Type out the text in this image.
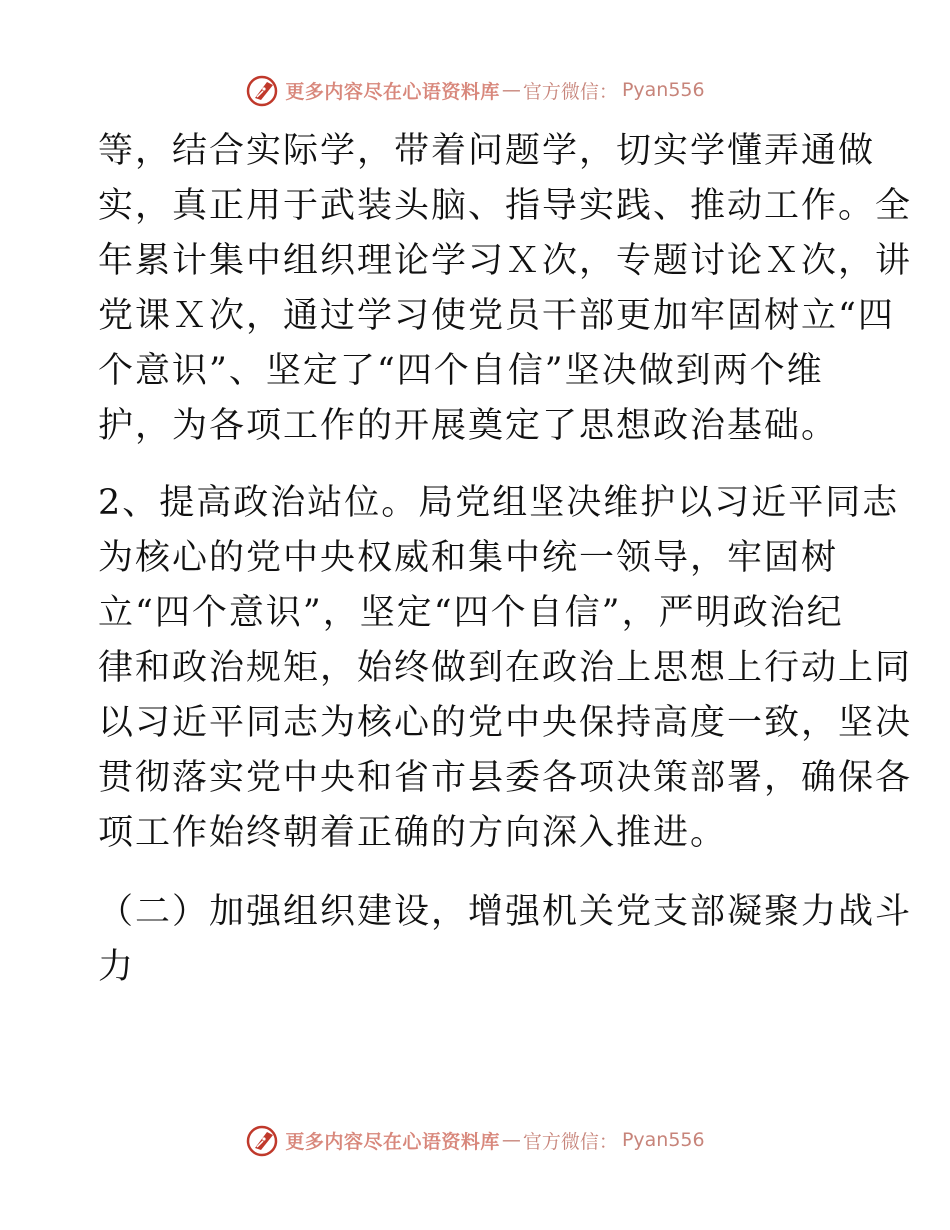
更多内容尽在心语资料库 — 官方微信： Pyan556
等，结合实际学，带着问题学，切实学懂弄通做
实，真正用于武装头脑、指导实践、推动工作。全
年累计集中组织理论学习Ｘ次，专题讨论Ｘ次，讲
党课Ｘ次，通过学习使党员干部更加牢固树立“四
个意识”、坚定了“四个自信”坚决做到两个维
护，为各项工作的开展奠定了思想政治基础。
2、提高政治站位。局党组坚决维护以习近平同志
为核心的党中央权威和集中统一领导，牢固树
立“四个意识”，坚定“四个自信”，严明政治纪
律和政治规矩，始终做到在政治上思想上行动上同
以习近平同志为核心的党中央保持高度一致，坚决
贯彻落实党中央和省市县委各项决策部署，确保各
项工作始终朝着正确的方向深入推进。
（二）加强组织建设，增强机关党支部凝聚力战斗
力
更多内容尽在心语资料库 — 官方微信： Pyan556
